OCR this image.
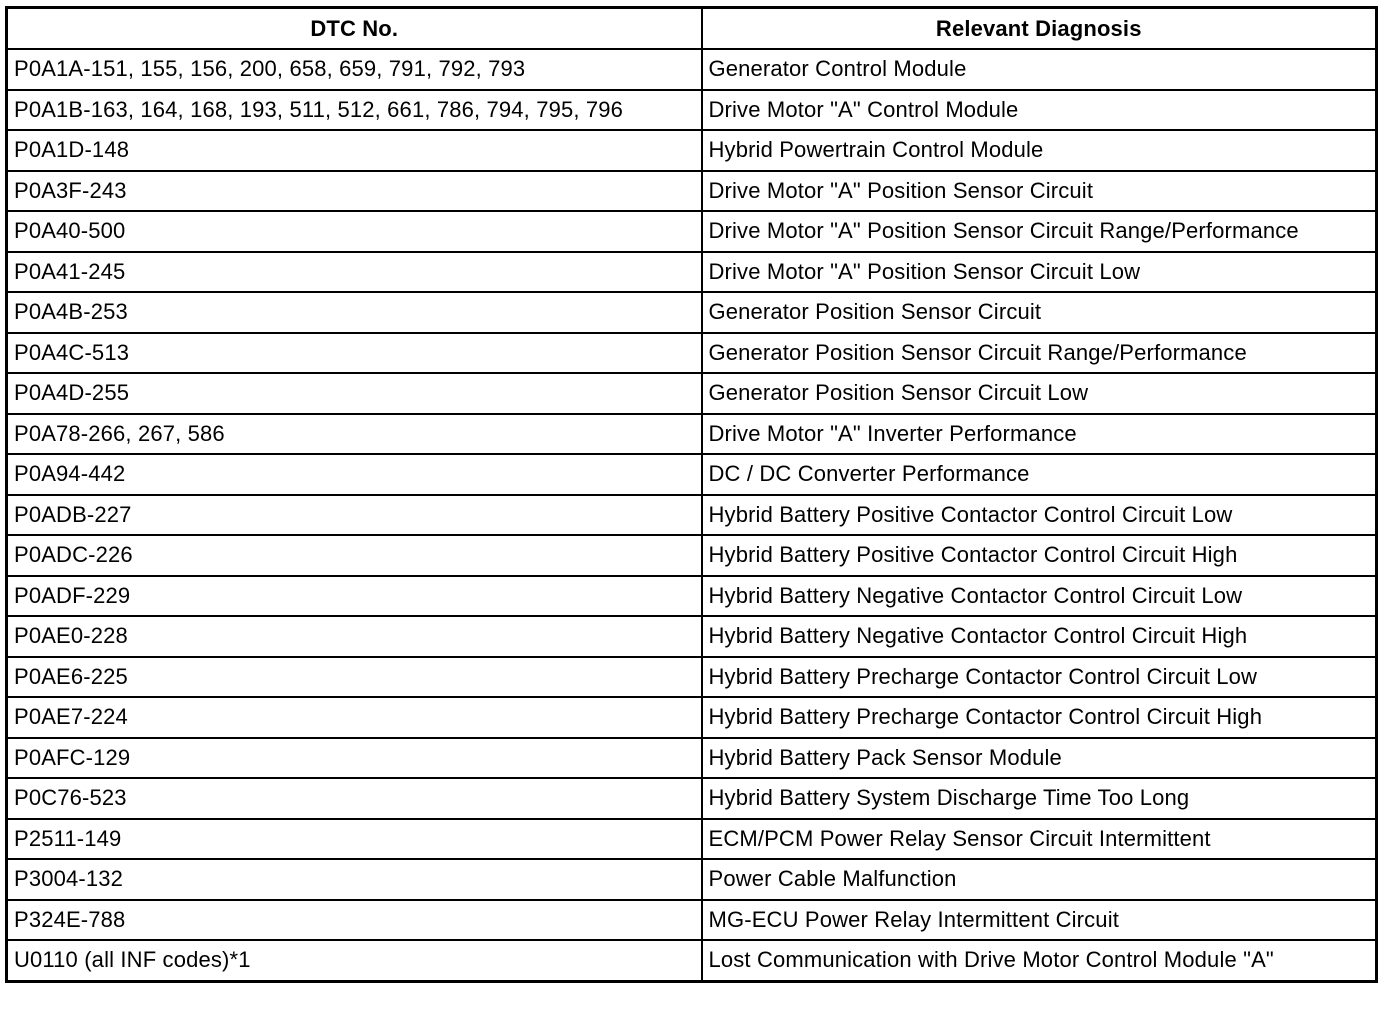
DTC No.	Relevant Diagnosis
P0A1A-151, 155, 156, 200, 658, 659, 791, 792, 793	Generator Control Module
P0A1B-163, 164, 168, 193, 511, 512, 661, 786, 794, 795, 796	Drive Motor "A" Control Module
P0A1D-148	Hybrid Powertrain Control Module
P0A3F-243	Drive Motor "A" Position Sensor Circuit
P0A40-500	Drive Motor "A" Position Sensor Circuit Range/Performance
P0A41-245	Drive Motor "A" Position Sensor Circuit Low
P0A4B-253	Generator Position Sensor Circuit
P0A4C-513	Generator Position Sensor Circuit Range/Performance
P0A4D-255	Generator Position Sensor Circuit Low
P0A78-266, 267, 586	Drive Motor "A" Inverter Performance
P0A94-442	DC / DC Converter Performance
P0ADB-227	Hybrid Battery Positive Contactor Control Circuit Low
P0ADC-226	Hybrid Battery Positive Contactor Control Circuit High
P0ADF-229	Hybrid Battery Negative Contactor Control Circuit Low
P0AE0-228	Hybrid Battery Negative Contactor Control Circuit High
P0AE6-225	Hybrid Battery Precharge Contactor Control Circuit Low
P0AE7-224	Hybrid Battery Precharge Contactor Control Circuit High
P0AFC-129	Hybrid Battery Pack Sensor Module
P0C76-523	Hybrid Battery System Discharge Time Too Long
P2511-149	ECM/PCM Power Relay Sensor Circuit Intermittent
P3004-132	Power Cable Malfunction
P324E-788	MG-ECU Power Relay Intermittent Circuit
U0110 (all INF codes)*1	Lost Communication with Drive Motor Control Module "A"
